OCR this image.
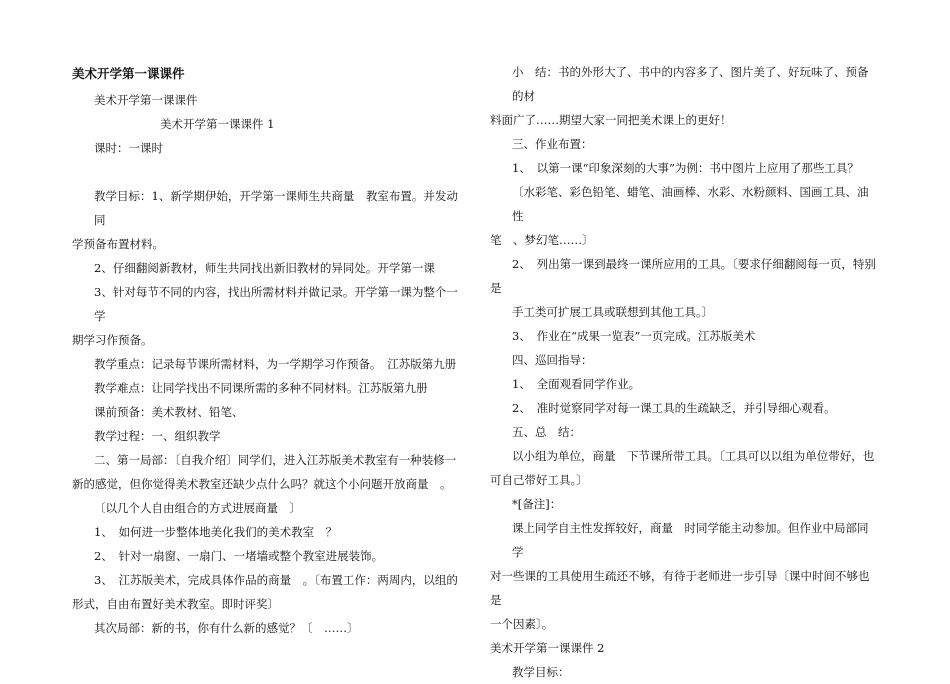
美术开学第一课课件
美术开学第一课课件
美术开学第一课课件 1
课时：一课时
教学目标：1、新学期伊始，开学第一课师生共商量　教室布置。并发动同
学预备布置材料。
2、仔细翻阅新教材，师生共同找出新旧教材的异同处。开学第一课
3、针对每节不同的内容，找出所需材料并做记录。开学第一课为整个一学
期学习作预备。
教学重点：记录每节课所需材料，为一学期学习作预备。　江苏版第九册
教学难点：让同学找出不同课所需的多种不同材料。江苏版第九册
课前预备：美术教材、铅笔、
教学过程：一、组织教学
二、第一局部：〔自我介绍〕同学们，进入江苏版美术教室有一种装修一
新的感觉，但你觉得美术教室还缺少点什么吗？就这个小问题开放商量　。
〔以几个人自由组合的方式进展商量　〕
1、　如何进一步整体地美化我们的美术教室　？
2、　针对一扇窗、一扇门、一堵墙或整个教室进展装饰。
3、　江苏版美术，完成具体作品的商量　。〔布置工作：两周内，以组的
形式，自由布置好美术教室。即时评奖〕
其次局部：新的书，你有什么新的感觉？〔　……〕
小　结：书的外形大了、书中的内容多了、图片美了、好玩味了、预备的材
料面广了……期望大家一同把美术课上的更好！
三、作业布置：
1、　以第一课“印象深刻的大事”为例：书中图片上应用了那些工具？
〔水彩笔、彩色铅笔、蜡笔、油画棒、水彩、水粉颜料、国画工具、油性
笔　、梦幻笔……〕
2、　列出第一课到最终一课所应用的工具。〔要求仔细翻阅每一页，特别
是
手工类可扩展工具或联想到其他工具。〕
3、　作业在“成果一览表”一页完成。江苏版美术
四、巡回指导：
1、　全面观看同学作业。
2、　准时觉察同学对每一课工具的生疏缺乏，并引导细心观看。
五、总　结：
以小组为单位，商量　下节课所带工具。〔工具可以以组为单位带好，也
可自己带好工具。〕
*[备注]：
课上同学自主性发挥较好，商量　时同学能主动参加。但作业中局部同学
对一些课的工具使用生疏还不够，有待于老师进一步引导〔课中时间不够也是
一个因素〕。
美术开学第一课课件 2
教学目标：
